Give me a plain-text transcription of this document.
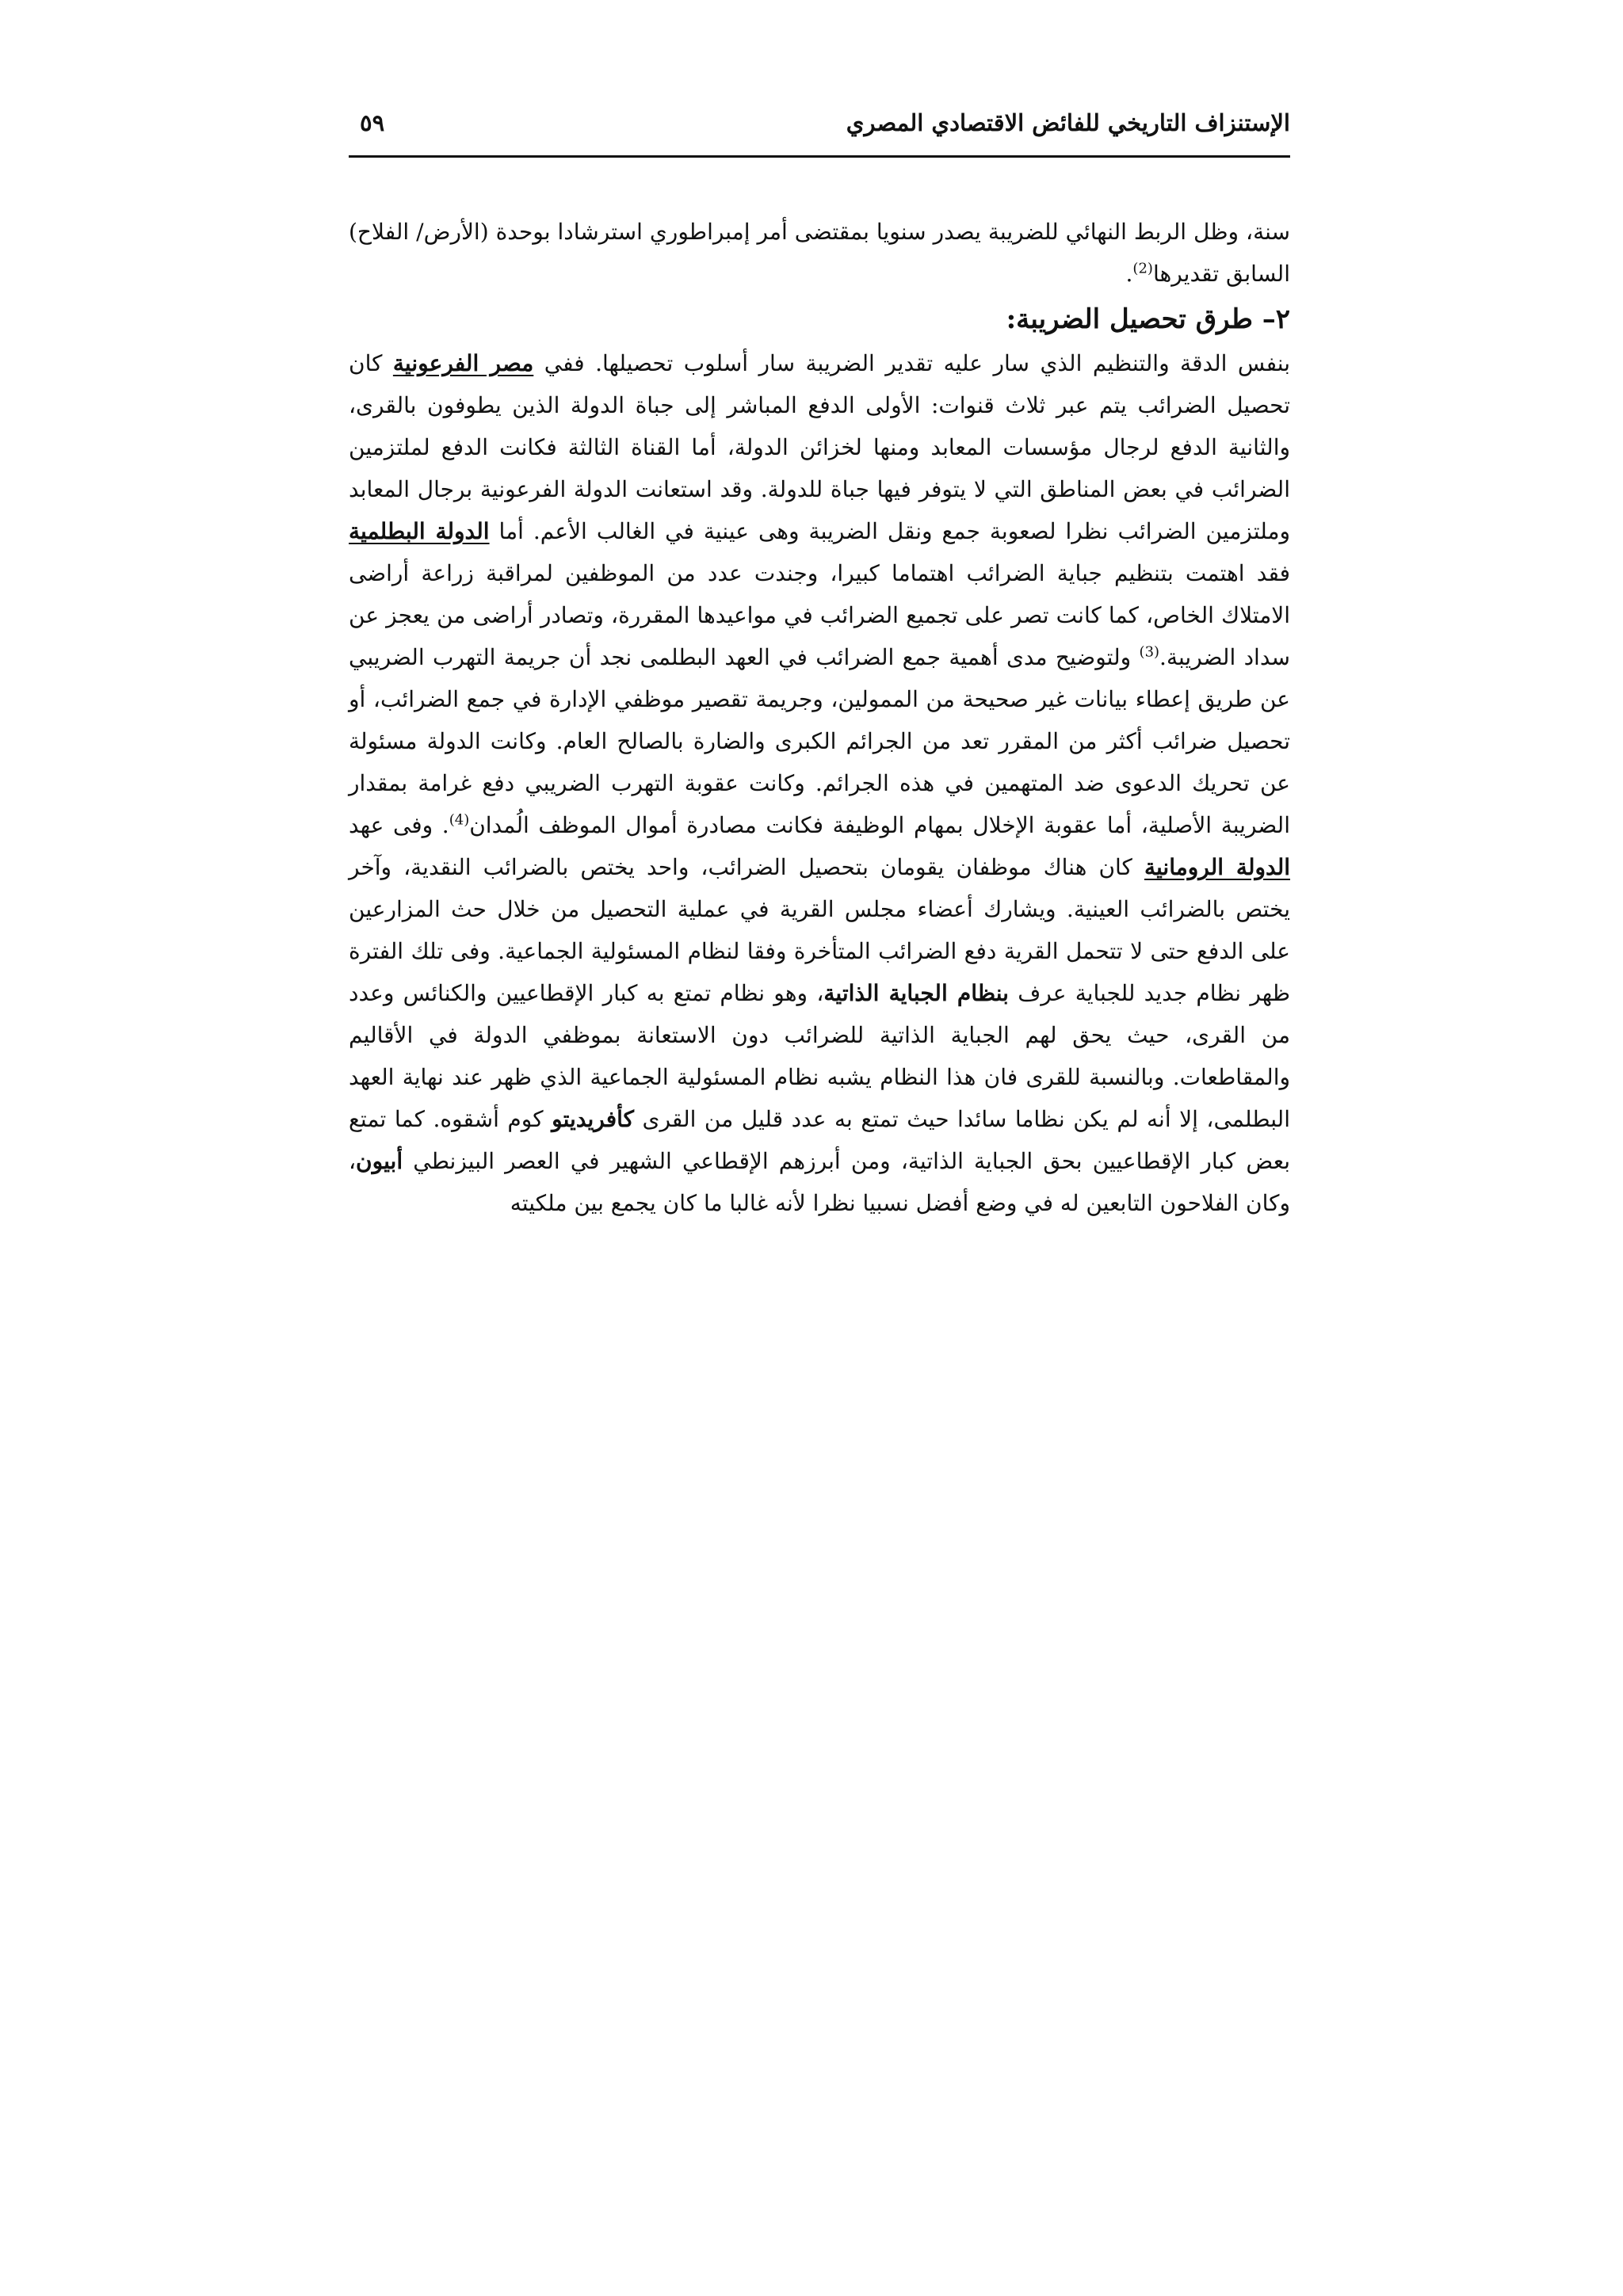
الإستنزاف التاريخي للفائض الاقتصادي المصري
٥٩

سنة، وظل الربط النهائي للضريبة يصدر سنويا بمقتضى أمر إمبراطوري استرشادا بوحدة (الأرض/ الفلاح) السابق تقديرها$^{(2)}$.

٢– طرق تحصيل الضريبة:

بنفس الدقة والتنظيم الذي سار عليه تقدير الضريبة سار أسلوب تحصيلها. ففي مصر الفرعونية كان تحصيل الضرائب يتم عبر ثلاث قنوات: الأولى الدفع المباشر إلى جباة الدولة الذين يطوفون بالقرى، والثانية الدفع لرجال مؤسسات المعابد ومنها لخزائن الدولة، أما القناة الثالثة فكانت الدفع لملتزمين الضرائب في بعض المناطق التي لا يتوفر فيها جباة للدولة. وقد استعانت الدولة الفرعونية برجال المعابد وملتزمين الضرائب نظرا لصعوبة جمع ونقل الضريبة وهى عينية في الغالب الأعم. أما الدولة البطلمية فقد اهتمت بتنظيم جباية الضرائب اهتماما كبيرا، وجندت عدد من الموظفين لمراقبة زراعة أراضى الامتلاك الخاص، كما كانت تصر على تجميع الضرائب في مواعيدها المقررة، وتصادر أراضى من يعجز عن سداد الضريبة.$^{(3)}$ ولتوضيح مدى أهمية جمع الضرائب في العهد البطلمى نجد أن جريمة التهرب الضريبي عن طريق إعطاء بيانات غير صحيحة من الممولين، وجريمة تقصير موظفي الإدارة في جمع الضرائب، أو تحصيل ضرائب أكثر من المقرر تعد من الجرائم الكبرى والضارة بالصالح العام. وكانت الدولة مسئولة عن تحريك الدعوى ضد المتهمين في هذه الجرائم. وكانت عقوبة التهرب الضريبي دفع غرامة بمقدار الضريبة الأصلية، أما عقوبة الإخلال بمهام الوظيفة فكانت مصادرة أموال الموظف الُمدان$^{(4)}$. وفى عهد الدولة الرومانية كان هناك موظفان يقومان بتحصيل الضرائب، واحد يختص بالضرائب النقدية، وآخر يختص بالضرائب العينية. ويشارك أعضاء مجلس القرية في عملية التحصيل من خلال حث المزارعين على الدفع حتى لا تتحمل القرية دفع الضرائب المتأخرة وفقا لنظام المسئولية الجماعية. وفى تلك الفترة ظهر نظام جديد للجباية عرف بنظام الجباية الذاتية، وهو نظام تمتع به كبار الإقطاعيين والكنائس وعدد من القرى، حيث يحق لهم الجباية الذاتية للضرائب دون الاستعانة بموظفي الدولة في الأقاليم والمقاطعات. وبالنسبة للقرى فان هذا النظام يشبه نظام المسئولية الجماعية الذي ظهر عند نهاية العهد البطلمى، إلا أنه لم يكن نظاما سائدا حيث تمتع به عدد قليل من القرى كأفريديتو كوم أشقوه. كما تمتع بعض كبار الإقطاعيين بحق الجباية الذاتية، ومن أبرزهم الإقطاعي الشهير في العصر البيزنطي أبيون، وكان الفلاحون التابعين له في وضع أفضل نسبيا نظرا لأنه غالبا ما كان يجمع بين ملكيته
